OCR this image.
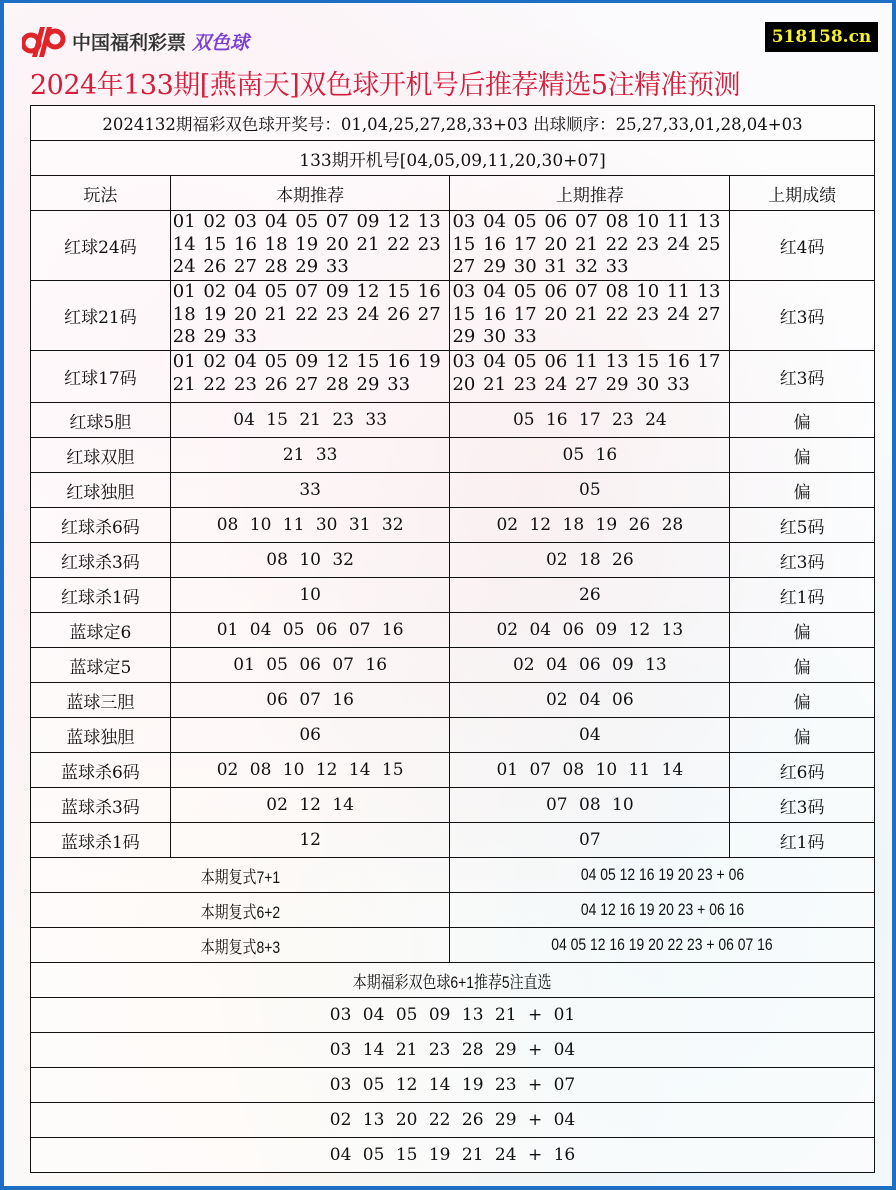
中国福利彩票 双色球	518158.cn
2024年133期[燕南天]双色球开机号后推荐精选5注精准预测
2024132期福彩双色球开奖号：01,04,25,27,28,33+03 出球顺序：25,27,33,01,28,04+03			
133期开机号[04,05,09,11,20,30+07]			
玩法	本期推荐	上期推荐	上期成绩
红球24码	01 02 03 04 05 07 09 12 13 14 15 16 18 19 20 21 22 23 24 26 27 28 29 33	03 04 05 06 07 08 10 11 13 15 16 17 20 21 22 23 24 25 27 29 30 31 32 33	红4码
红球21码	01 02 04 05 07 09 12 15 16 18 19 20 21 22 23 24 26 27 28 29 33	03 04 05 06 07 08 10 11 13 15 16 17 20 21 22 23 24 27 29 30 33	红3码
红球17码	01 02 04 05 09 12 15 16 19 21 22 23 26 27 28 29 33	03 04 05 06 11 13 15 16 17 20 21 23 24 27 29 30 33	红3码
红球5胆	04 15 21 23 33	05 16 17 23 24	偏
红球双胆	21 33	05 16	偏
红球独胆	33	05	偏
红球杀6码	08 10 11 30 31 32	02 12 18 19 26 28	红5码
红球杀3码	08 10 32	02 18 26	红3码
红球杀1码	10	26	红1码
蓝球定6	01 04 05 06 07 16	02 04 06 09 12 13	偏
蓝球定5	01 05 06 07 16	02 04 06 09 13	偏
蓝球三胆	06 07 16	02 04 06	偏
蓝球独胆	06	04	偏
蓝球杀6码	02 08 10 12 14 15	01 07 08 10 11 14	红6码
蓝球杀3码	02 12 14	07 08 10	红3码
蓝球杀1码	12	07	红1码
本期复式7+1		04 05 12 16 19 20 23 + 06	
本期复式6+2		04 12 16 19 20 23 + 06 16	
本期复式8+3		04 05 12 16 19 20 22 23 + 06 07 16	
本期福彩双色球6+1推荐5注直选			
03 04 05 09 13 21 + 01			
03 14 21 23 28 29 + 04			
03 05 12 14 19 23 + 07			
02 13 20 22 26 29 + 04			
04 05 15 19 21 24 + 16			
